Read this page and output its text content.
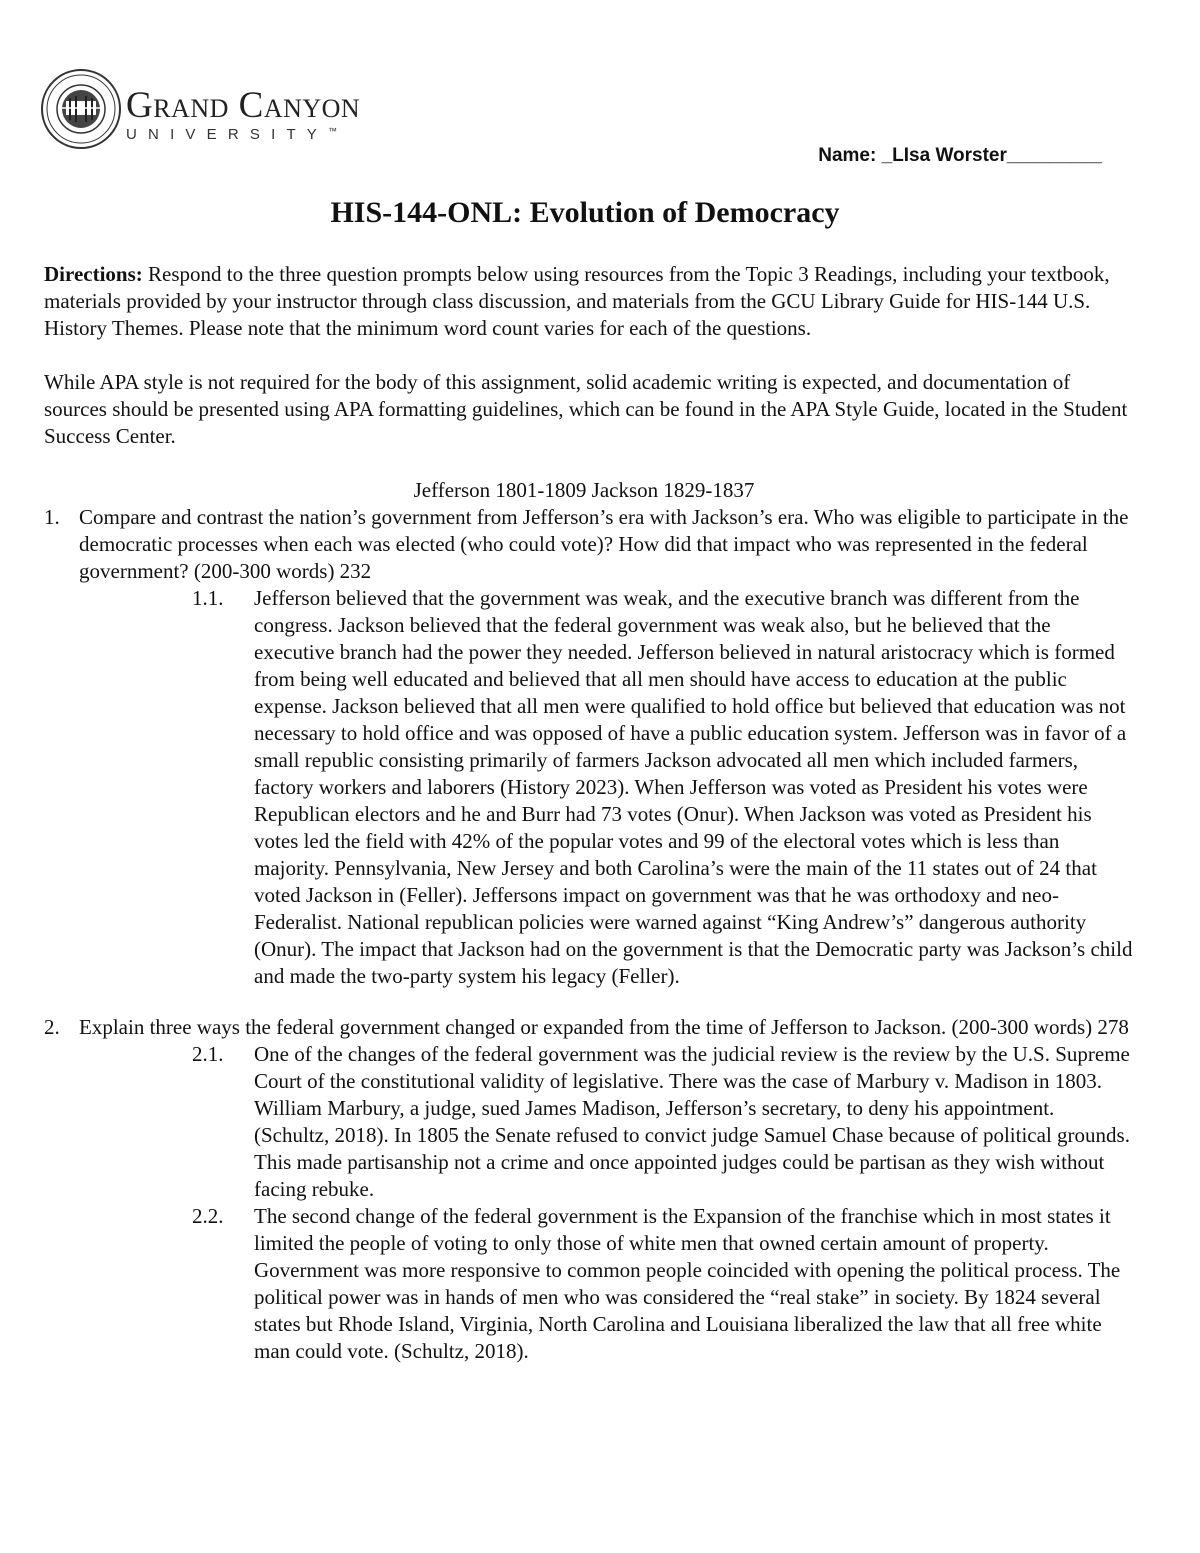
Grand Canyon
UNIVERSITY™
Name: _LIsa Worster_________
HIS-144-ONL: Evolution of Democracy

Directions: Respond to the three question prompts below using resources from the Topic 3 Readings, including your textbook, materials provided by your instructor through class discussion, and materials from the GCU Library Guide for HIS-144 U.S. History Themes. Please note that the minimum word count varies for each of the questions.

While APA style is not required for the body of this assignment, solid academic writing is expected, and documentation of sources should be presented using APA formatting guidelines, which can be found in the APA Style Guide, located in the Student Success Center.

Jefferson 1801-1809 Jackson 1829-1837

1. Compare and contrast the nation’s government from Jefferson’s era with Jackson’s era. Who was eligible to participate in the democratic processes when each was elected (who could vote)? How did that impact who was represented in the federal government? (200-300 words) 232
1.1.	Jefferson believed that the government was weak, and the executive branch was different from the congress. Jackson believed that the federal government was weak also, but he believed that the executive branch had the power they needed. Jefferson believed in natural aristocracy which is formed from being well educated and believed that all men should have access to education at the public expense. Jackson believed that all men were qualified to hold office but believed that education was not necessary to hold office and was opposed of have a public education system. Jefferson was in favor of a small republic consisting primarily of farmers Jackson advocated all men which included farmers, factory workers and laborers (History 2023). When Jefferson was voted as President his votes were Republican electors and he and Burr had 73 votes (Onur). When Jackson was voted as President his votes led the field with 42% of the popular votes and 99 of the electoral votes which is less than majority. Pennsylvania, New Jersey and both Carolina’s were the main of the 11 states out of 24 that voted Jackson in (Feller). Jeffersons impact on government was that he was orthodoxy and neo-Federalist. National republican policies were warned against “King Andrew’s” dangerous authority (Onur). The impact that Jackson had on the government is that the Democratic party was Jackson’s child and made the two-party system his legacy (Feller).
2. Explain three ways the federal government changed or expanded from the time of Jefferson to Jackson. (200-300 words) 278
2.1.	One of the changes of the federal government was the judicial review is the review by the U.S. Supreme Court of the constitutional validity of legislative. There was the case of Marbury v. Madison in 1803. William Marbury, a judge, sued James Madison, Jefferson’s secretary, to deny his appointment. (Schultz, 2018). In 1805 the Senate refused to convict judge Samuel Chase because of political grounds. This made partisanship not a crime and once appointed judges could be partisan as they wish without facing rebuke.
2.2.	The second change of the federal government is the Expansion of the franchise which in most states it limited the people of voting to only those of white men that owned certain amount of property. Government was more responsive to common people coincided with opening the political process. The political power was in hands of men who was considered the “real stake” in society. By 1824 several states but Rhode Island, Virginia, North Carolina and Louisiana liberalized the law that all free white man could vote. (Schultz, 2018).
